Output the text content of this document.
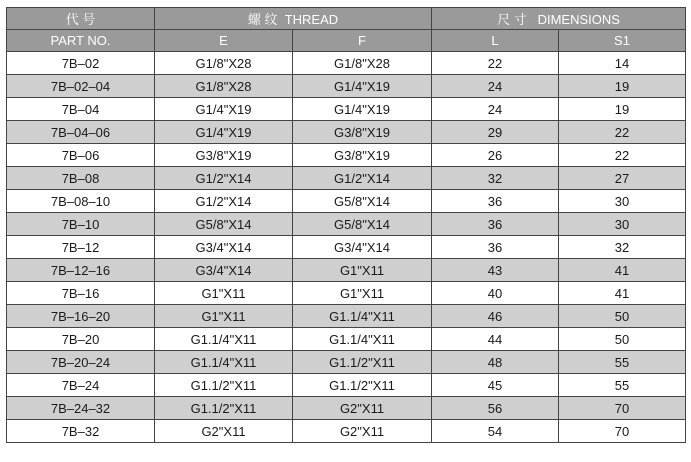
代 号	螺 纹 THREAD		尺 寸 DIMENSIONS	
PART NO.	E	F	L	S1
7B–02	G1/8"X28	G1/8"X28	22	14
7B–02–04	G1/8"X28	G1/4"X19	24	19
7B–04	G1/4"X19	G1/4"X19	24	19
7B–04–06	G1/4"X19	G3/8"X19	29	22
7B–06	G3/8"X19	G3/8"X19	26	22
7B–08	G1/2"X14	G1/2"X14	32	27
7B–08–10	G1/2"X14	G5/8"X14	36	30
7B–10	G5/8"X14	G5/8"X14	36	30
7B–12	G3/4"X14	G3/4"X14	36	32
7B–12–16	G3/4"X14	G1"X11	43	41
7B–16	G1"X11	G1"X11	40	41
7B–16–20	G1"X11	G1.1/4"X11	46	50
7B–20	G1.1/4"X11	G1.1/4"X11	44	50
7B–20–24	G1.1/4"X11	G1.1/2"X11	48	55
7B–24	G1.1/2"X11	G1.1/2"X11	45	55
7B–24–32	G1.1/2"X11	G2"X11	56	70
7B–32	G2"X11	G2"X11	54	70
